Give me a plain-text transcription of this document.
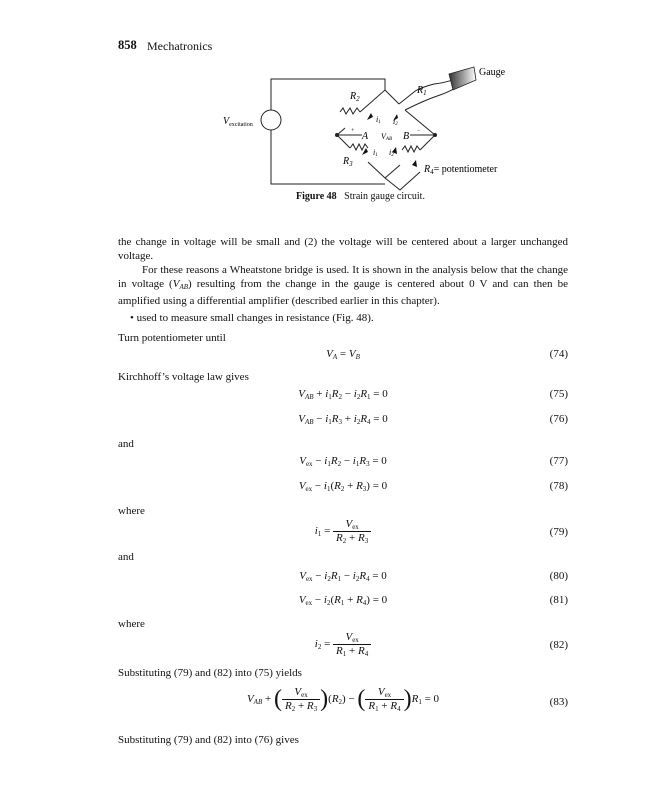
858 Mechatronics
Gauge
$R_1$
$R_2$
$R_3$	$R_4=$ potentiometer
$V_{excitation}$
A	B
VAB
+	−
i1 i2
i1 i2
Figure 48 Strain gauge circuit.
the change in voltage will be small and (2) the voltage will be centered about a larger unchanged voltage.
For these reasons a Wheatstone bridge is used. It is shown in the analysis below that the change in voltage $(V_{AB})$ resulting from the change in the gauge is centered about 0 V and can then be amplified using a differential amplifier (described earlier in this chapter).
• used to measure small changes in resistance (Fig. 48).
Turn potentiometer until
$V_A = V_B$	(74)
Kirchhoff’s voltage law gives
$V_{AB} + i_1R_2 - i_2R_1 = 0$	(75)
$V_{AB} - i_1R_3 + i_2R_4 = 0$	(76)
and
$V_{ex} - i_1R_2 - i_1R_3 = 0$	(77)
$V_{ex} - i_1(R_2 + R_3) = 0$	(78)
where
$i_1 = \frac{V_{ex}}{R_2 + R_3}$	(79)
and
$V_{ex} - i_2R_1 - i_2R_4 = 0$	(80)
$V_{ex} - i_2(R_1 + R_4) = 0$	(81)
where
$i_2 = \frac{V_{ex}}{R_1 + R_4}$	(82)
Substituting (79) and (82) into (75) yields
$V_{AB}$ + ( $\frac{V_{ex}}{R_2 + R_3} )(R_2)$ − ( $\frac{V_{ex}}{R_1 + R_4} )R_1 = 0$	(83)
Substituting (79) and (82) into (76) gives
